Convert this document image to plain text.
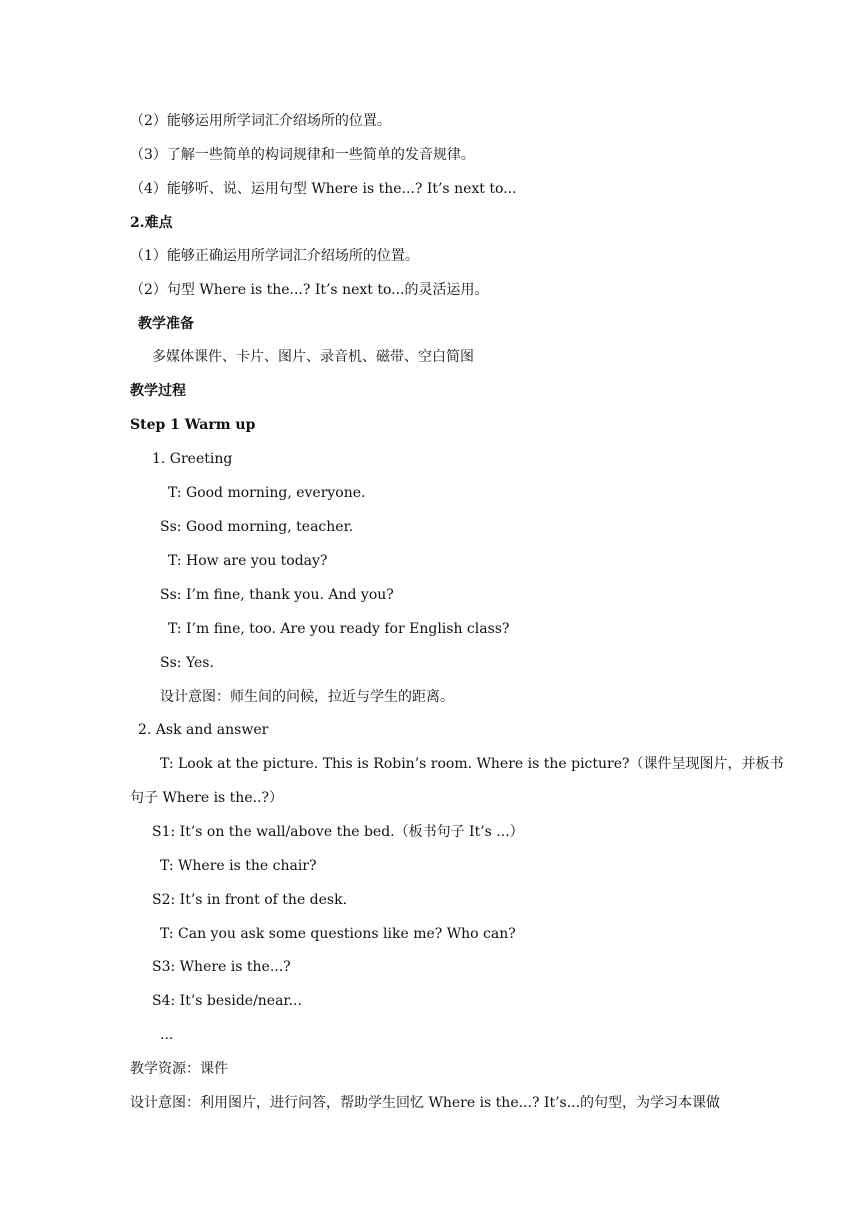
（2）能够运用所学词汇介绍场所的位置。
（3）了解一些简单的构词规律和一些简单的发音规律。
（4）能够听、说、运用句型 Where is the...? It’s next to...
2.难点
（1）能够正确运用所学词汇介绍场所的位置。
（2）句型 Where is the...? It’s next to...的灵活运用。
教学准备
多媒体课件、卡片、图片、录音机、磁带、空白简图
教学过程
Step 1 Warm up
1. Greeting
T: Good morning, everyone.
Ss: Good morning, teacher.
T: How are you today?
Ss: I’m fine, thank you. And you?
T: I’m fine, too. Are you ready for English class?
Ss: Yes.
设计意图：师生间的问候，拉近与学生的距离。
2. Ask and answer
T: Look at the picture. This is Robin’s room. Where is the picture?（课件呈现图片，并板书
句子 Where is the..?）
S1: It’s on the wall/above the bed.（板书句子 It’s ...）
T: Where is the chair?
S2: It’s in front of the desk.
T: Can you ask some questions like me? Who can?
S3: Where is the...?
S4: It’s beside/near...
...
教学资源：课件
设计意图：利用图片，进行问答，帮助学生回忆 Where is the...? It’s...的句型，为学习本课做
